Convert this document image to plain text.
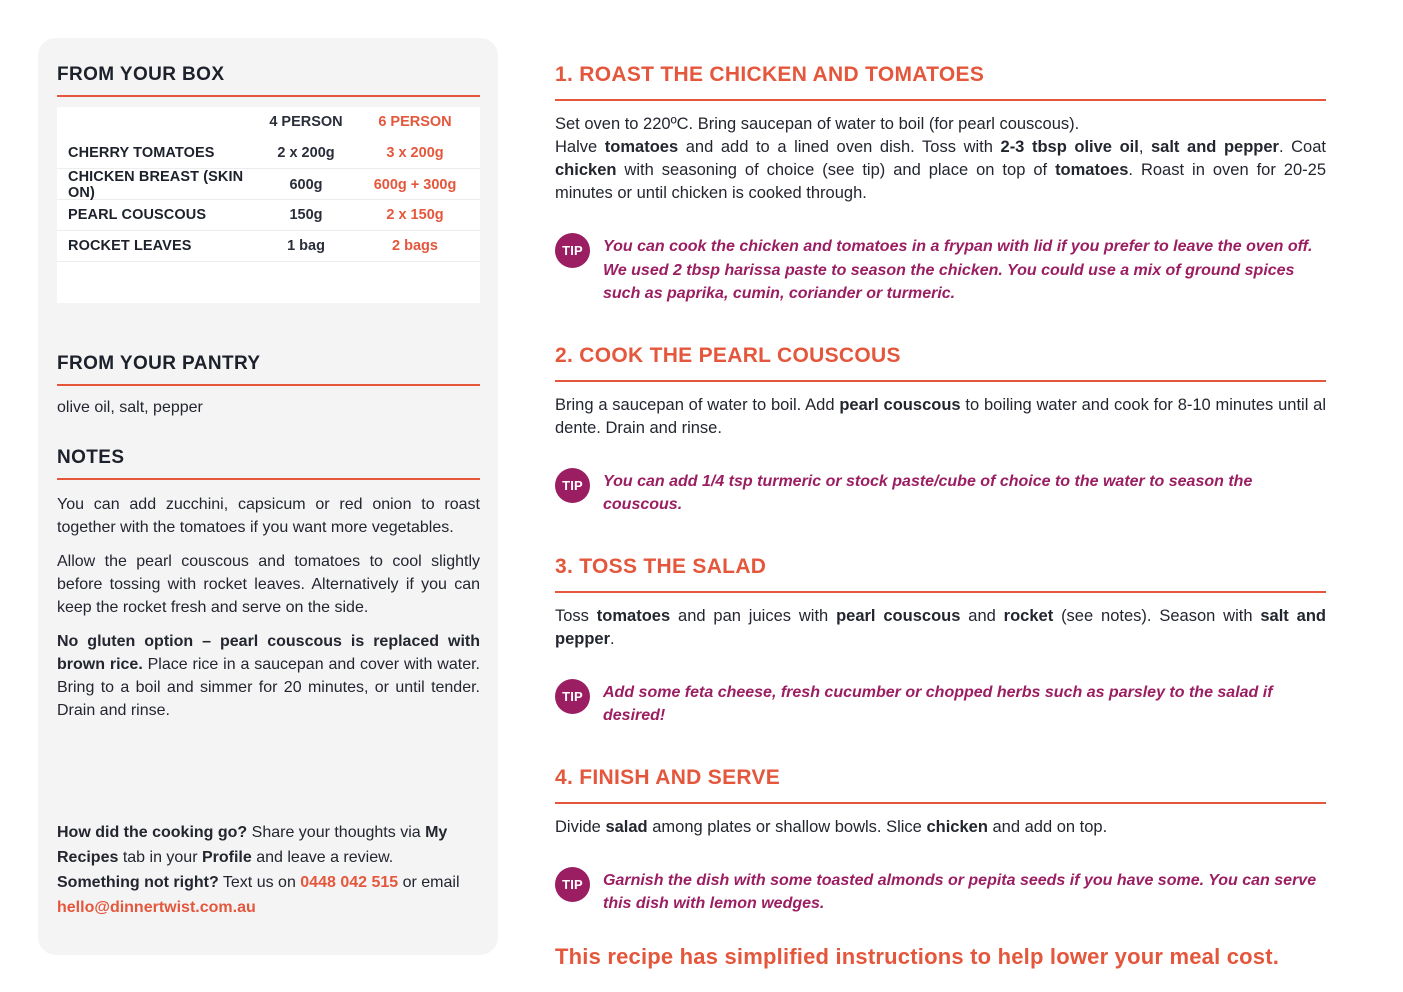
FROM YOUR BOX
4 PERSON	6 PERSON
CHERRY TOMATOES	2 x 200g	3 x 200g
CHICKEN BREAST (SKIN ON)	600g	600g + 300g
PEARL COUSCOUS	150g	2 x 150g
ROCKET LEAVES	1 bag	2 bags
FROM YOUR PANTRY

olive oil, salt, pepper

NOTES

You can add zucchini, capsicum or red onion to roast together with the tomatoes if you want more vegetables.

Allow the pearl couscous and tomatoes to cool slightly before tossing with rocket leaves. Alternatively if you can keep the rocket fresh and serve on the side.

No gluten option – pearl couscous is replaced with brown rice. Place rice in a saucepan and cover with water. Bring to a boil and simmer for 20 minutes, or until tender. Drain and rinse.

How did the cooking go? Share your thoughts via My Recipes tab in your Profile and leave a review.

Something not right? Text us on 0448 042 515 or email hello@dinnertwist.com.au

1. ROAST THE CHICKEN AND TOMATOES

Set oven to 220ºC. Bring saucepan of water to boil (for pearl couscous).

Halve tomatoes and add to a lined oven dish. Toss with 2-3 tbsp olive oil, salt and pepper. Coat chicken with seasoning of choice (see tip) and place on top of tomatoes. Roast in oven for 20-25 minutes or until chicken is cooked through.

TIP	You can cook the chicken and tomatoes in a frypan with lid if you prefer to leave the oven off. We used 2 tbsp harissa paste to season the chicken. You could use a mix of ground spices such as paprika, cumin, coriander or turmeric.

2. COOK THE PEARL COUSCOUS

Bring a saucepan of water to boil. Add pearl couscous to boiling water and cook for 8-10 minutes until al dente. Drain and rinse.

TIP	You can add 1/4 tsp turmeric or stock paste/cube of choice to the water to season the couscous.

3. TOSS THE SALAD

Toss tomatoes and pan juices with pearl couscous and rocket (see notes). Season with salt and pepper.

TIP	Add some feta cheese, fresh cucumber or chopped herbs such as parsley to the salad if desired!

4. FINISH AND SERVE

Divide salad among plates or shallow bowls. Slice chicken and add on top.

TIP	Garnish the dish with some toasted almonds or pepita seeds if you have some. You can serve this dish with lemon wedges.

This recipe has simplified instructions to help lower your meal cost.
